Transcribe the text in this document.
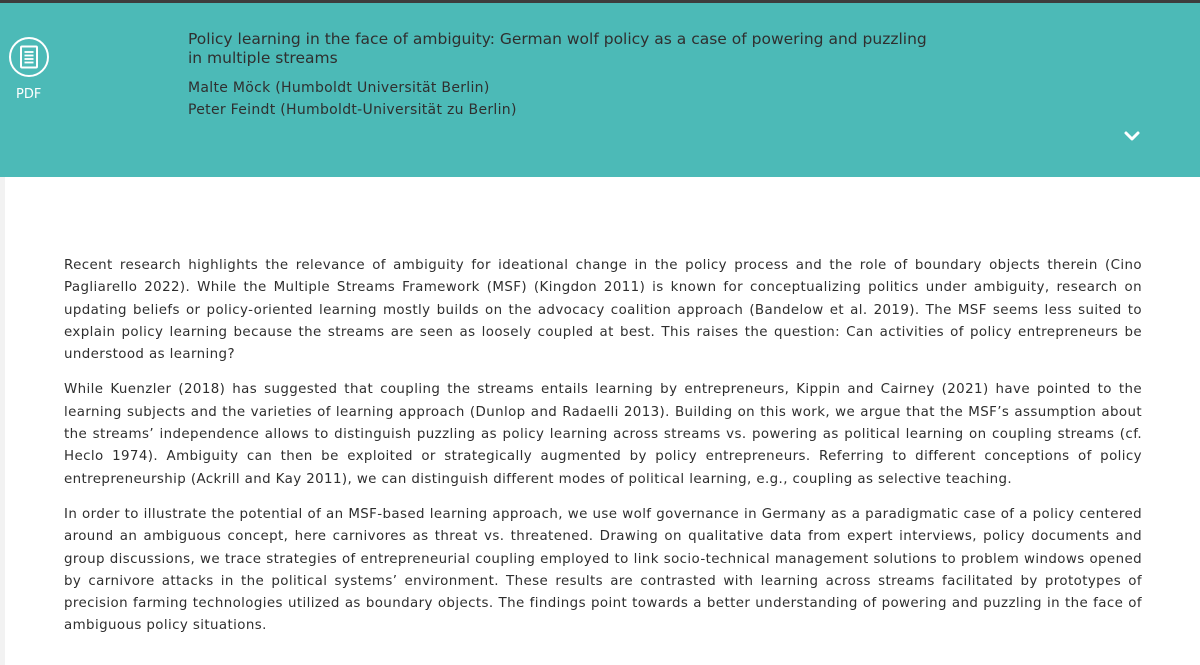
PDF
Policy learning in the face of ambiguity: German wolf policy as a case of powering and puzzling in multiple streams
Malte Möck (Humboldt Universität Berlin)
Peter Feindt (Humboldt-Universität zu Berlin)

Recent research highlights the relevance of ambiguity for ideational change in the policy process and the role of boundary objects therein (Cino Pagliarello 2022). While the Multiple Streams Framework (MSF) (Kingdon 2011) is known for conceptualizing politics under ambiguity, research on updating beliefs or policy-oriented learning mostly builds on the advocacy coalition approach (Bandelow et al. 2019). The MSF seems less suited to explain policy learning because the streams are seen as loosely coupled at best. This raises the question: Can activities of policy entrepreneurs be understood as learning?

While Kuenzler (2018) has suggested that coupling the streams entails learning by entrepreneurs, Kippin and Cairney (2021) have pointed to the learning subjects and the varieties of learning approach (Dunlop and Radaelli 2013). Building on this work, we argue that the MSF’s assumption about the streams’ independence allows to distinguish puzzling as policy learning across streams vs. powering as political learning on coupling streams (cf. Heclo 1974). Ambiguity can then be exploited or strategically augmented by policy entrepreneurs. Referring to different conceptions of policy entrepreneurship (Ackrill and Kay 2011), we can distinguish different modes of political learning, e.g., coupling as selective teaching.

In order to illustrate the potential of an MSF-based learning approach, we use wolf governance in Germany as a paradigmatic case of a policy centered around an ambiguous concept, here carnivores as threat vs. threatened. Drawing on qualitative data from expert interviews, policy documents and group discussions, we trace strategies of entrepreneurial coupling employed to link socio-technical management solutions to problem windows opened by carnivore attacks in the political systems’ environment. These results are contrasted with learning across streams facilitated by prototypes of precision farming technologies utilized as boundary objects. The findings point towards a better understanding of powering and puzzling in the face of ambiguous policy situations.
